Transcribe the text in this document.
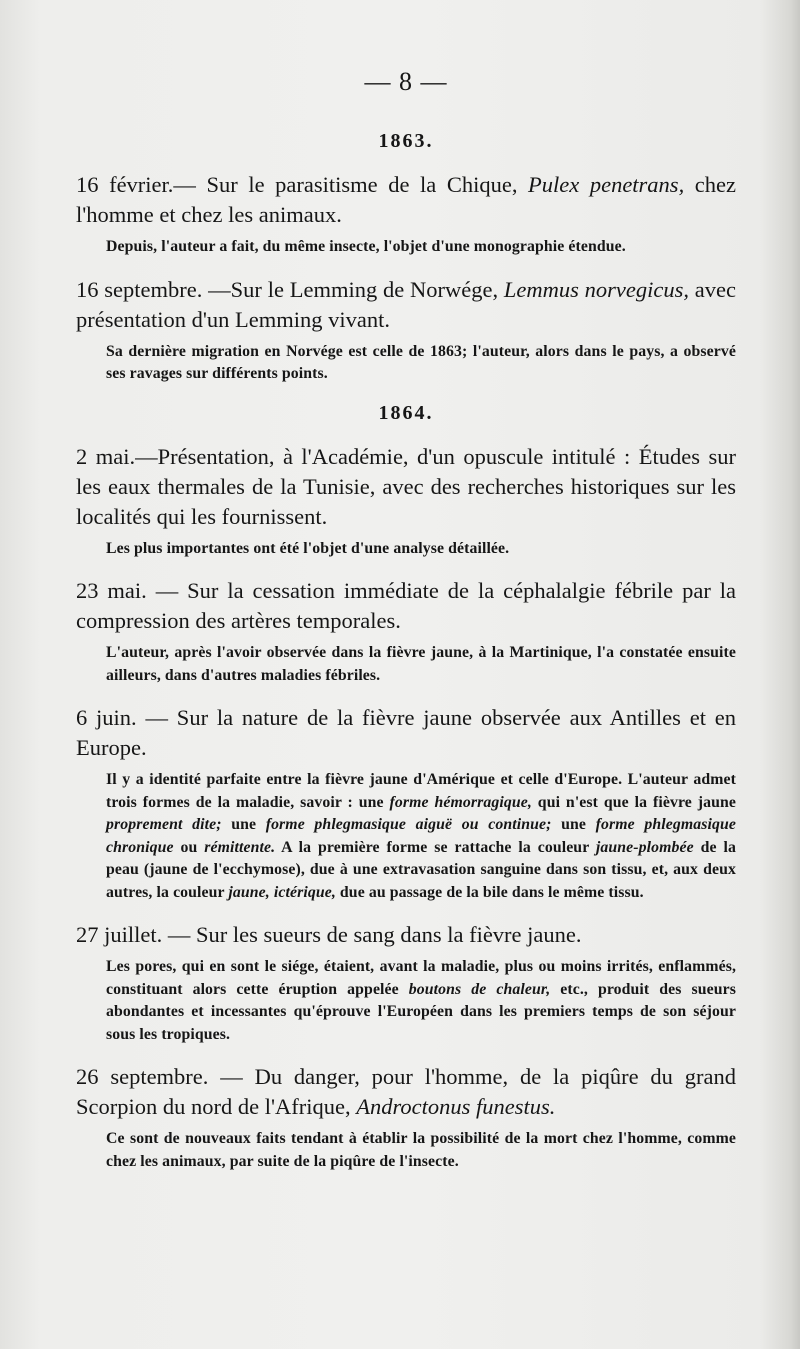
— 8 —
1863.

16 février.— Sur le parasitisme de la Chique, Pulex penetrans, chez l'homme et chez les animaux.

Depuis, l'auteur a fait, du même insecte, l'objet d'une monographie étendue.

16 septembre. —Sur le Lemming de Norwége, Lemmus norvegicus, avec présentation d'un Lemming vivant.

Sa dernière migration en Norvége est celle de 1863; l'auteur, alors dans le pays, a observé ses ravages sur différents points.

1864.

2 mai.—Présentation, à l'Académie, d'un opuscule intitulé : Études sur les eaux thermales de la Tunisie, avec des recherches historiques sur les localités qui les fournissent.

Les plus importantes ont été l'objet d'une analyse détaillée.

23 mai. — Sur la cessation immédiate de la céphalalgie fébrile par la compression des artères temporales.

L'auteur, après l'avoir observée dans la fièvre jaune, à la Martinique, l'a constatée ensuite ailleurs, dans d'autres maladies fébriles.

6 juin. — Sur la nature de la fièvre jaune observée aux Antilles et en Europe.

Il y a identité parfaite entre la fièvre jaune d'Amérique et celle d'Europe. L'auteur admet trois formes de la maladie, savoir : une forme hémorragique, qui n'est que la fièvre jaune proprement dite; une forme phlegmasique aiguë ou continue; une forme phlegmasique chronique ou rémittente. A la première forme se rattache la couleur jaune-plombée de la peau (jaune de l'ecchymose), due à une extravasation sanguine dans son tissu, et, aux deux autres, la couleur jaune, ictérique, due au passage de la bile dans le même tissu.

27 juillet. — Sur les sueurs de sang dans la fièvre jaune.

Les pores, qui en sont le siége, étaient, avant la maladie, plus ou moins irrités, enflammés, constituant alors cette éruption appelée boutons de chaleur, etc., produit des sueurs abondantes et incessantes qu'éprouve l'Européen dans les premiers temps de son séjour sous les tropiques.

26 septembre. — Du danger, pour l'homme, de la piqûre du grand Scorpion du nord de l'Afrique, Androctonus funestus.

Ce sont de nouveaux faits tendant à établir la possibilité de la mort chez l'homme, comme chez les animaux, par suite de la piqûre de l'insecte.
